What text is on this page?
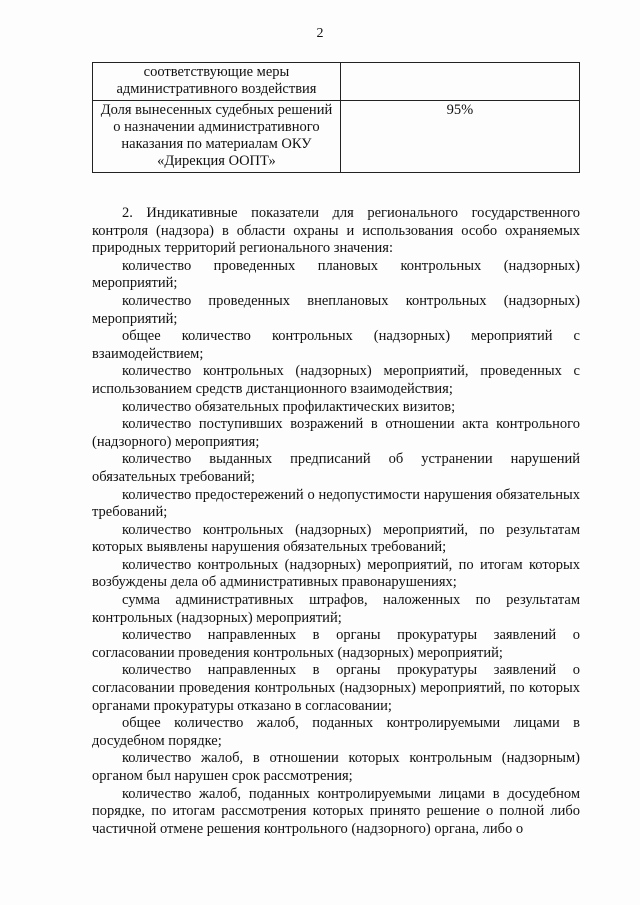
2
соответствующие меры административного воздействия	
Доля вынесенных судебных решений о назначении административного наказания по материалам ОКУ «Дирекция ООПТ»	95%

2. Индикативные показатели для регионального государственного контроля (надзора) в области охраны и использования особо охраняемых природных территорий регионального значения:

количество проведенных плановых контрольных (надзорных) мероприятий;

количество проведенных внеплановых контрольных (надзорных) мероприятий;

общее количество контрольных (надзорных) мероприятий с взаимодействием;

количество контрольных (надзорных) мероприятий, проведенных с использованием средств дистанционного взаимодействия;

количество обязательных профилактических визитов;

количество поступивших возражений в отношении акта контрольного (надзорного) мероприятия;

количество выданных предписаний об устранении нарушений обязательных требований;

количество предостережений о недопустимости нарушения обязательных требований;

количество контрольных (надзорных) мероприятий, по результатам которых выявлены нарушения обязательных требований;

количество контрольных (надзорных) мероприятий, по итогам которых возбуждены дела об административных правонарушениях;

сумма административных штрафов, наложенных по результатам контрольных (надзорных) мероприятий;

количество направленных в органы прокуратуры заявлений о согласовании проведения контрольных (надзорных) мероприятий;

количество направленных в органы прокуратуры заявлений о согласовании проведения контрольных (надзорных) мероприятий, по которых органами прокуратуры отказано в согласовании;

общее количество жалоб, поданных контролируемыми лицами в досудебном порядке;

количество жалоб, в отношении которых контрольным (надзорным) органом был нарушен срок рассмотрения;

количество жалоб, поданных контролируемыми лицами в досудебном порядке, по итогам рассмотрения которых принято решение о полной либо частичной отмене решения контрольного (надзорного) органа, либо о
